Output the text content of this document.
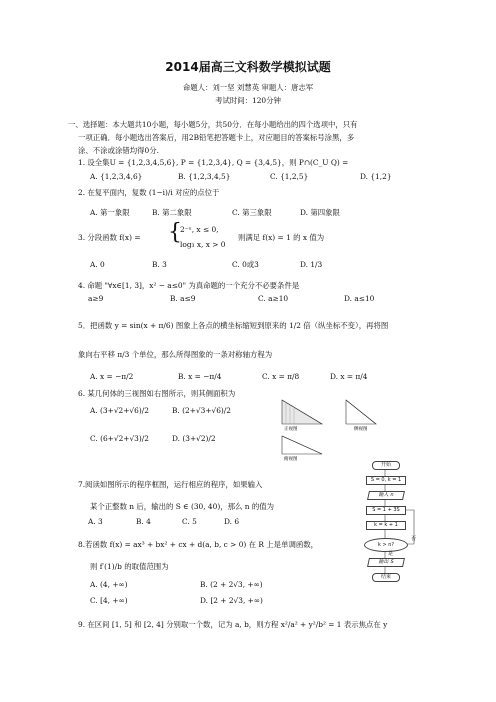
2014届高三文科数学模拟试题
命题人：刘一坚 刘慧英 审题人：唐志军
考试时间：120分钟
一、选择题：本大题共10小题，每小题5分，共50分．在每小题给出的四个选项中，只有
一项正确．每小题选出答案后，用2B铅笔把答题卡上，对应题目的答案标号涂黑，多
涂、不涂或涂错均得0分.
1. 设全集U = {1,2,3,4,5,6}, P = {1,2,3,4}, Q = {3,4,5}，则 P∩(C_U Q) =
A. {1,2,3,4,6}	B. {1,2,3,4,5}	C. {1,2,5}	D. {1,2}
2. 在复平面内，复数 (1−i)/i 对应的点位于
A. 第一象限	B. 第二象限	C. 第三象限	D. 第四象限
3. 分段函数 f(x) = {
2⁻ˣ, x ≤ 0,
log₃ x, x > 0
则满足 f(x) = 1 的 x 值为
A. 0	B. 3	C. 0或3	D. 1/3
4. 命题 "∀x∈[1, 3]，x² − a≤0" 为真命题的一个充分不必要条件是
a≥9	B. a≤9	C. a≥10	D. a≤10
5．把函数 y = sin(x + π/6) 图象上各点的横坐标缩短到原来的 1/2 倍（纵坐标不变），再将图
象向右平移 π/3 个单位，那么所得图象的一条对称轴方程为
A. x = −π/2	B. x = −π/4	C. x = π/8	D. x = π/4
6. 某几何体的三视图如右图所示，则其侧面积为
A. (3+√2+√6)/2	B. (2+√3+√6)/2
C. (6+√2+√3)/2	D. (3+√2)/2
正视图	侧视图
俯视图
7.阅读如图所示的程序框图，运行相应的程序，如果输入
某个正整数 n 后，输出的 S ∈ (30, 40)，那么 n 的值为
A. 3	B. 4	C. 5	D. 6
开始
S = 0, k = 1
输入 n
S = 1 + 3S
k = k + 1
k > n?
输出 S
结束
否
是
8.若函数 f(x) = ax³ + bx² + cx + d(a, b, c > 0) 在 R 上是单调函数，
则 f′(1)/b 的取值范围为
A. (4, +∞)	B. (2 + 2√3, +∞)
C. [4, +∞)	D. [2 + 2√3, +∞)
9. 在区间 [1, 5] 和 [2, 4] 分别取一个数，记为 a, b，则方程 x²/a² + y²/b² = 1 表示焦点在 y
